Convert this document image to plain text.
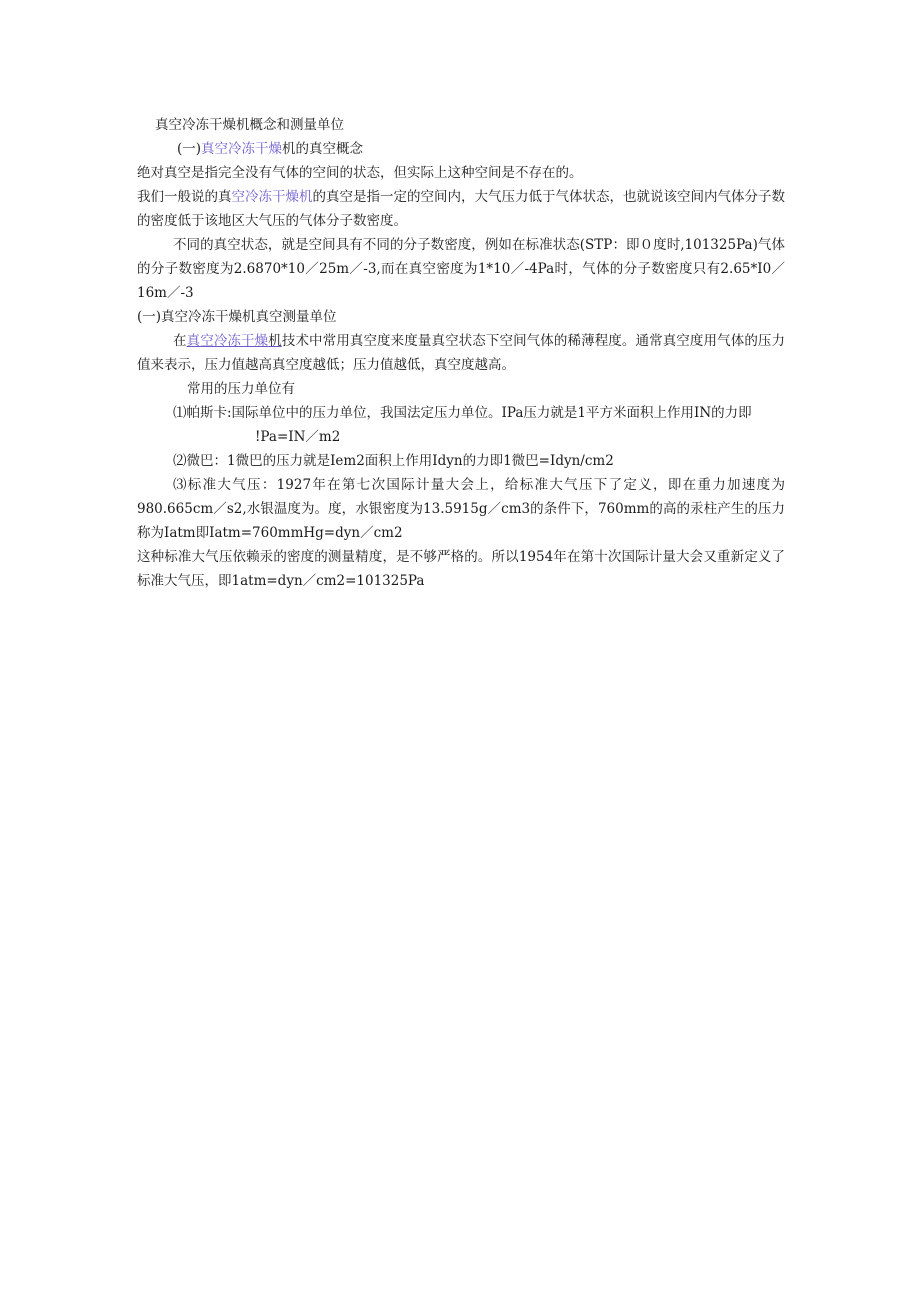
真空冷冻干燥机概念和测量单位
(一)真空冷冻干燥机的真空概念

绝对真空是指完全没有气体的空间的状态，但实际上这种空间是不存在的。

我们一般说的真空冷冻干燥机的真空是指一定的空间内，大气压力低于气体状态，也就说该空间内气体分子数的密度低于该地区大气压的气体分子数密度。

不同的真空状态，就是空间具有不同的分子数密度，例如在标准状态(STP：即０度时,101325Pa)气体的分子数密度为2.6870*10／25m／-3,而在真空密度为1*10／-4Pa时，气体的分子数密度只有2.65*I0／16m／-3

(一)真空冷冻干燥机真空测量单位

在真空冷冻干燥机技术中常用真空度来度量真空状态下空间气体的稀薄程度。通常真空度用气体的压力值来表示，压力值越高真空度越低；压力值越低，真空度越高。

常用的压力单位有

⑴帕斯卡:国际单位中的压力单位，我国法定压力单位。IPa压力就是1平方米面积上作用IN的力即

!Pa=IN／m2

⑵微巴：1微巴的压力就是Iem2面积上作用Idyn的力即1微巴=Idyn/cm2

⑶标准大气压：1927年在第七次国际计量大会上，给标准大气压下了定义，即在重力加速度为980.665cm／s2,水银温度为。度，水银密度为13.5915g／cm3的条件下，760mm的高的汞柱产生的压力称为Iatm即Iatm=760mmHg=dyn／cm2

这种标准大气压依赖汞的密度的测量精度，是不够严格的。所以1954年在第十次国际计量大会又重新定义了标准大气压，即1atm=dyn／cm2=101325Pa
